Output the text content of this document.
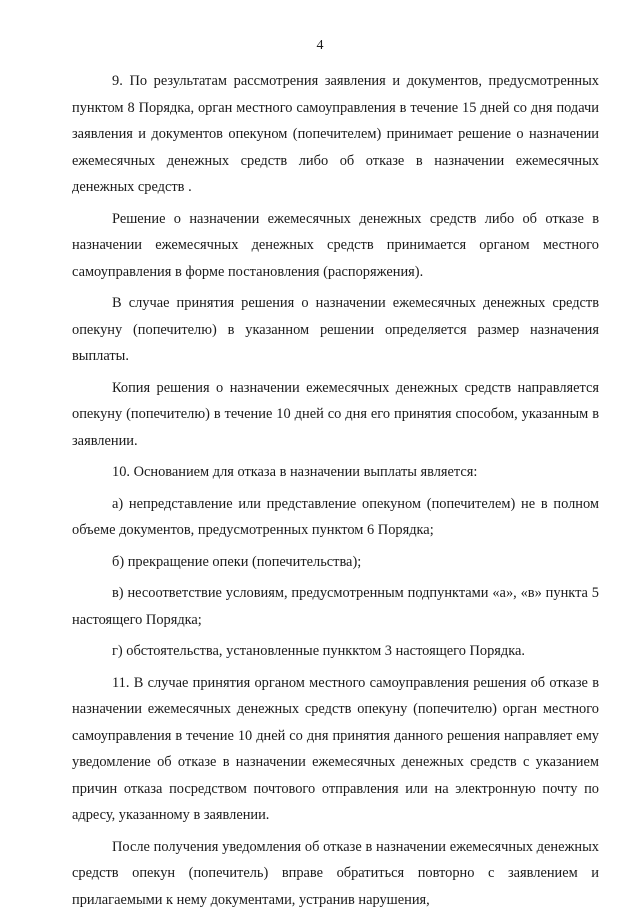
4

9. По результатам рассмотрения заявления и документов, предусмотренных пунктом 8 Порядка, орган местного самоуправления в течение 15 дней со дня подачи заявления и документов опекуном (попечителем) принимает решение о назначении ежемесячных денежных средств либо об отказе в назначении ежемесячных денежных средств .

Решение о назначении ежемесячных денежных средств либо об отказе в назначении ежемесячных денежных средств принимается органом местного самоуправления в форме постановления (распоряжения).

В случае принятия решения о назначении ежемесячных денежных средств опекуну (попечителю) в указанном решении определяется размер назначения выплаты.

Копия решения о назначении ежемесячных денежных средств направляется опекуну (попечителю) в течение 10 дней со дня его принятия способом, указанным в заявлении.

10. Основанием для отказа в назначении выплаты является:

а) непредставление или представление опекуном (попечителем) не в полном объеме документов, предусмотренных пунктом 6 Порядка;

б) прекращение опеки (попечительства);

в) несоответствие условиям, предусмотренным подпунктами «а», «в» пункта 5 настоящего Порядка;

г) обстоятельства, установленные пункктом 3 настоящего Порядка.

11. В случае принятия органом местного самоуправления решения об отказе в назначении ежемесячных денежных средств опекуну (попечителю) орган местного самоуправления в течение 10 дней со дня принятия данного решения направляет ему уведомление об отказе в назначении ежемесячных денежных средств с указанием причин отказа посредством почтового отправления или на электронную почту по адресу, указанному в заявлении.

После получения уведомления об отказе в назначении ежемесячных денежных средств опекун (попечитель) вправе обратиться повторно с заявлением и прилагаемыми к нему документами, устранив нарушения,
